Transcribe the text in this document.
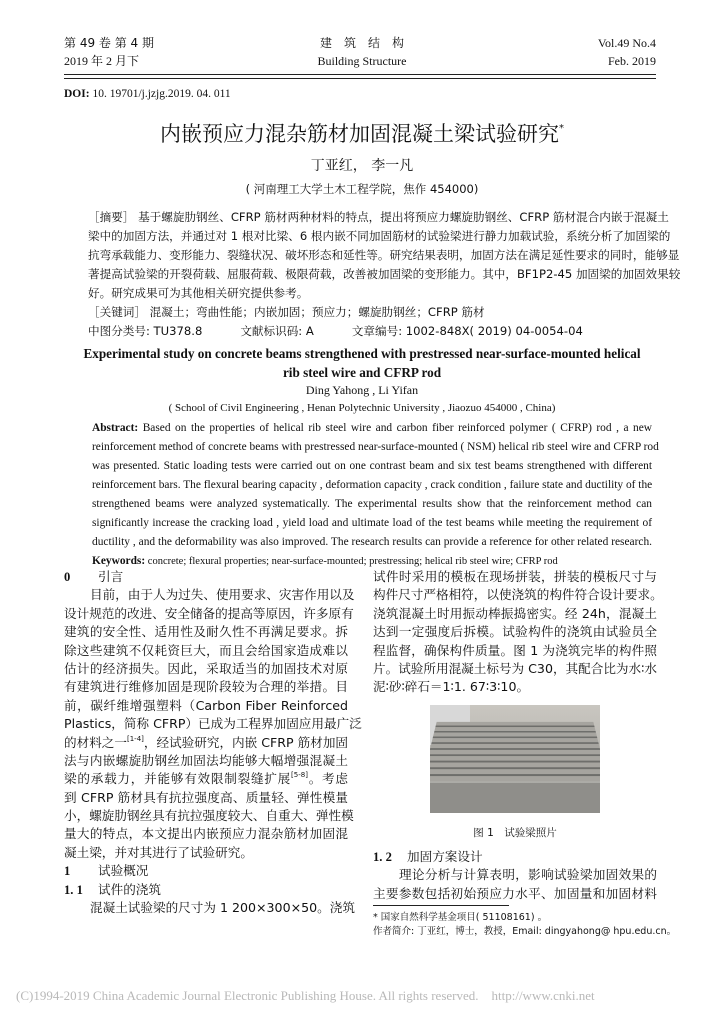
第 49 卷 第 4 期
2019 年 2 月下
建　筑　结　构
Building Structure
Vol.49 No.4
Feb. 2019
DOI: 10. 19701/j.jzjg.2019. 04. 011
内嵌预应力混杂筋材加固混凝土梁试验研究*
丁亚红， 李一凡
( 河南理工大学土木工程学院，焦作 454000)
［摘要］ 基于螺旋肋钢丝、CFRP 筋材两种材料的特点，提出将预应力螺旋肋钢丝、CFRP 筋材混合内嵌于混凝土
梁中的加固方法，并通过对 1 根对比梁、6 根内嵌不同加固筋材的试验梁进行静力加载试验，系统分析了加固梁的
抗弯承载能力、变形能力、裂缝状况、破坏形态和延性等。研究结果表明，加固方法在满足延性要求的同时，能够显
著提高试验梁的开裂荷载、屈服荷载、极限荷载，改善被加固梁的变形能力。其中，BF1P2-45 加固梁的加固效果较
好。研究成果可为其他相关研究提供参考。
［关键词］ 混凝土；弯曲性能；内嵌加固；预应力；螺旋肋钢丝；CFRP 筋材
中图分类号: TU378.8	文献标识码: A	文章编号: 1002-848X( 2019) 04-0054-04
Experimental study on concrete beams strengthened with prestressed near-surface-mounted helical
rib steel wire and CFRP rod
Ding Yahong , Li Yifan
( School of Civil Engineering , Henan Polytechnic University , Jiaozuo 454000 , China)
Abstract: Based on the properties of helical rib steel wire and carbon fiber reinforced polymer ( CFRP) rod , a new
reinforcement method of concrete beams with prestressed near-surface-mounted ( NSM) helical rib steel wire and CFRP rod
was presented. Static loading tests were carried out on one contrast beam and six test beams strengthened with different
reinforcement bars. The flexural bearing capacity , deformation capacity , crack condition , failure state and ductility of the
strengthened beams were analyzed systematically. The experimental results show that the reinforcement method can
significantly increase the cracking load , yield load and ultimate load of the test beams while meeting the requirement of
ductility , and the deformability was also improved. The research results can provide a reference for other related research.
Keywords: concrete; flexural properties; near-surface-mounted; prestressing; helical rib steel wire; CFRP rod
0 引言
目前，由于人为过失、使用要求、灾害作用以及
设计规范的改进、安全储备的提高等原因，许多原有
建筑的安全性、适用性及耐久性不再满足要求。拆
除这些建筑不仅耗资巨大，而且会给国家造成难以
估计的经济损失。因此，采取适当的加固技术对原
有建筑进行维修加固是现阶段较为合理的举措。目
前，碳纤维增强塑料（Carbon Fiber Reinforced
Plastics，简称 CFRP）已成为工程界加固应用最广泛
的材料之一[1-4]，经试验研究，内嵌 CFRP 筋材加固
法与内嵌螺旋肋钢丝加固法均能够大幅增强混凝土
梁的承载力，并能够有效限制裂缝扩展[5-8]。考虑
到 CFRP 筋材具有抗拉强度高、质量轻、弹性模量
小，螺旋肋钢丝具有抗拉强度较大、自重大、弹性模
量大的特点，本文提出内嵌预应力混杂筋材加固混
凝土梁，并对其进行了试验研究。
1 试验概况
1. 1 试件的浇筑
混凝土试验梁的尺寸为 1 200×300×50。浇筑
试件时采用的模板在现场拼装，拼装的模板尺寸与
构件尺寸严格相符，以使浇筑的构件符合设计要求。
浇筑混凝土时用振动棒振捣密实。经 24h，混凝土
达到一定强度后拆模。试验构件的浇筑由试验员全
程监督，确保构件质量。图 1 为浇筑完毕的构件照
片。试验所用混凝土标号为 C30，其配合比为水∶水
泥∶砂∶碎石＝1∶1. 67∶3∶10。
图 1　试验梁照片
1. 2 加固方案设计
理论分析与计算表明，影响试验梁加固效果的
主要参数包括初始预应力水平、加固量和加固材料
* 国家自然科学基金项目( 51108161) 。
作者简介: 丁亚红，博士，教授，Email: dingyahong@ hpu.edu.cn。
(C)1994-2019 China Academic Journal Electronic Publishing House. All rights reserved.    http://www.cnki.net
